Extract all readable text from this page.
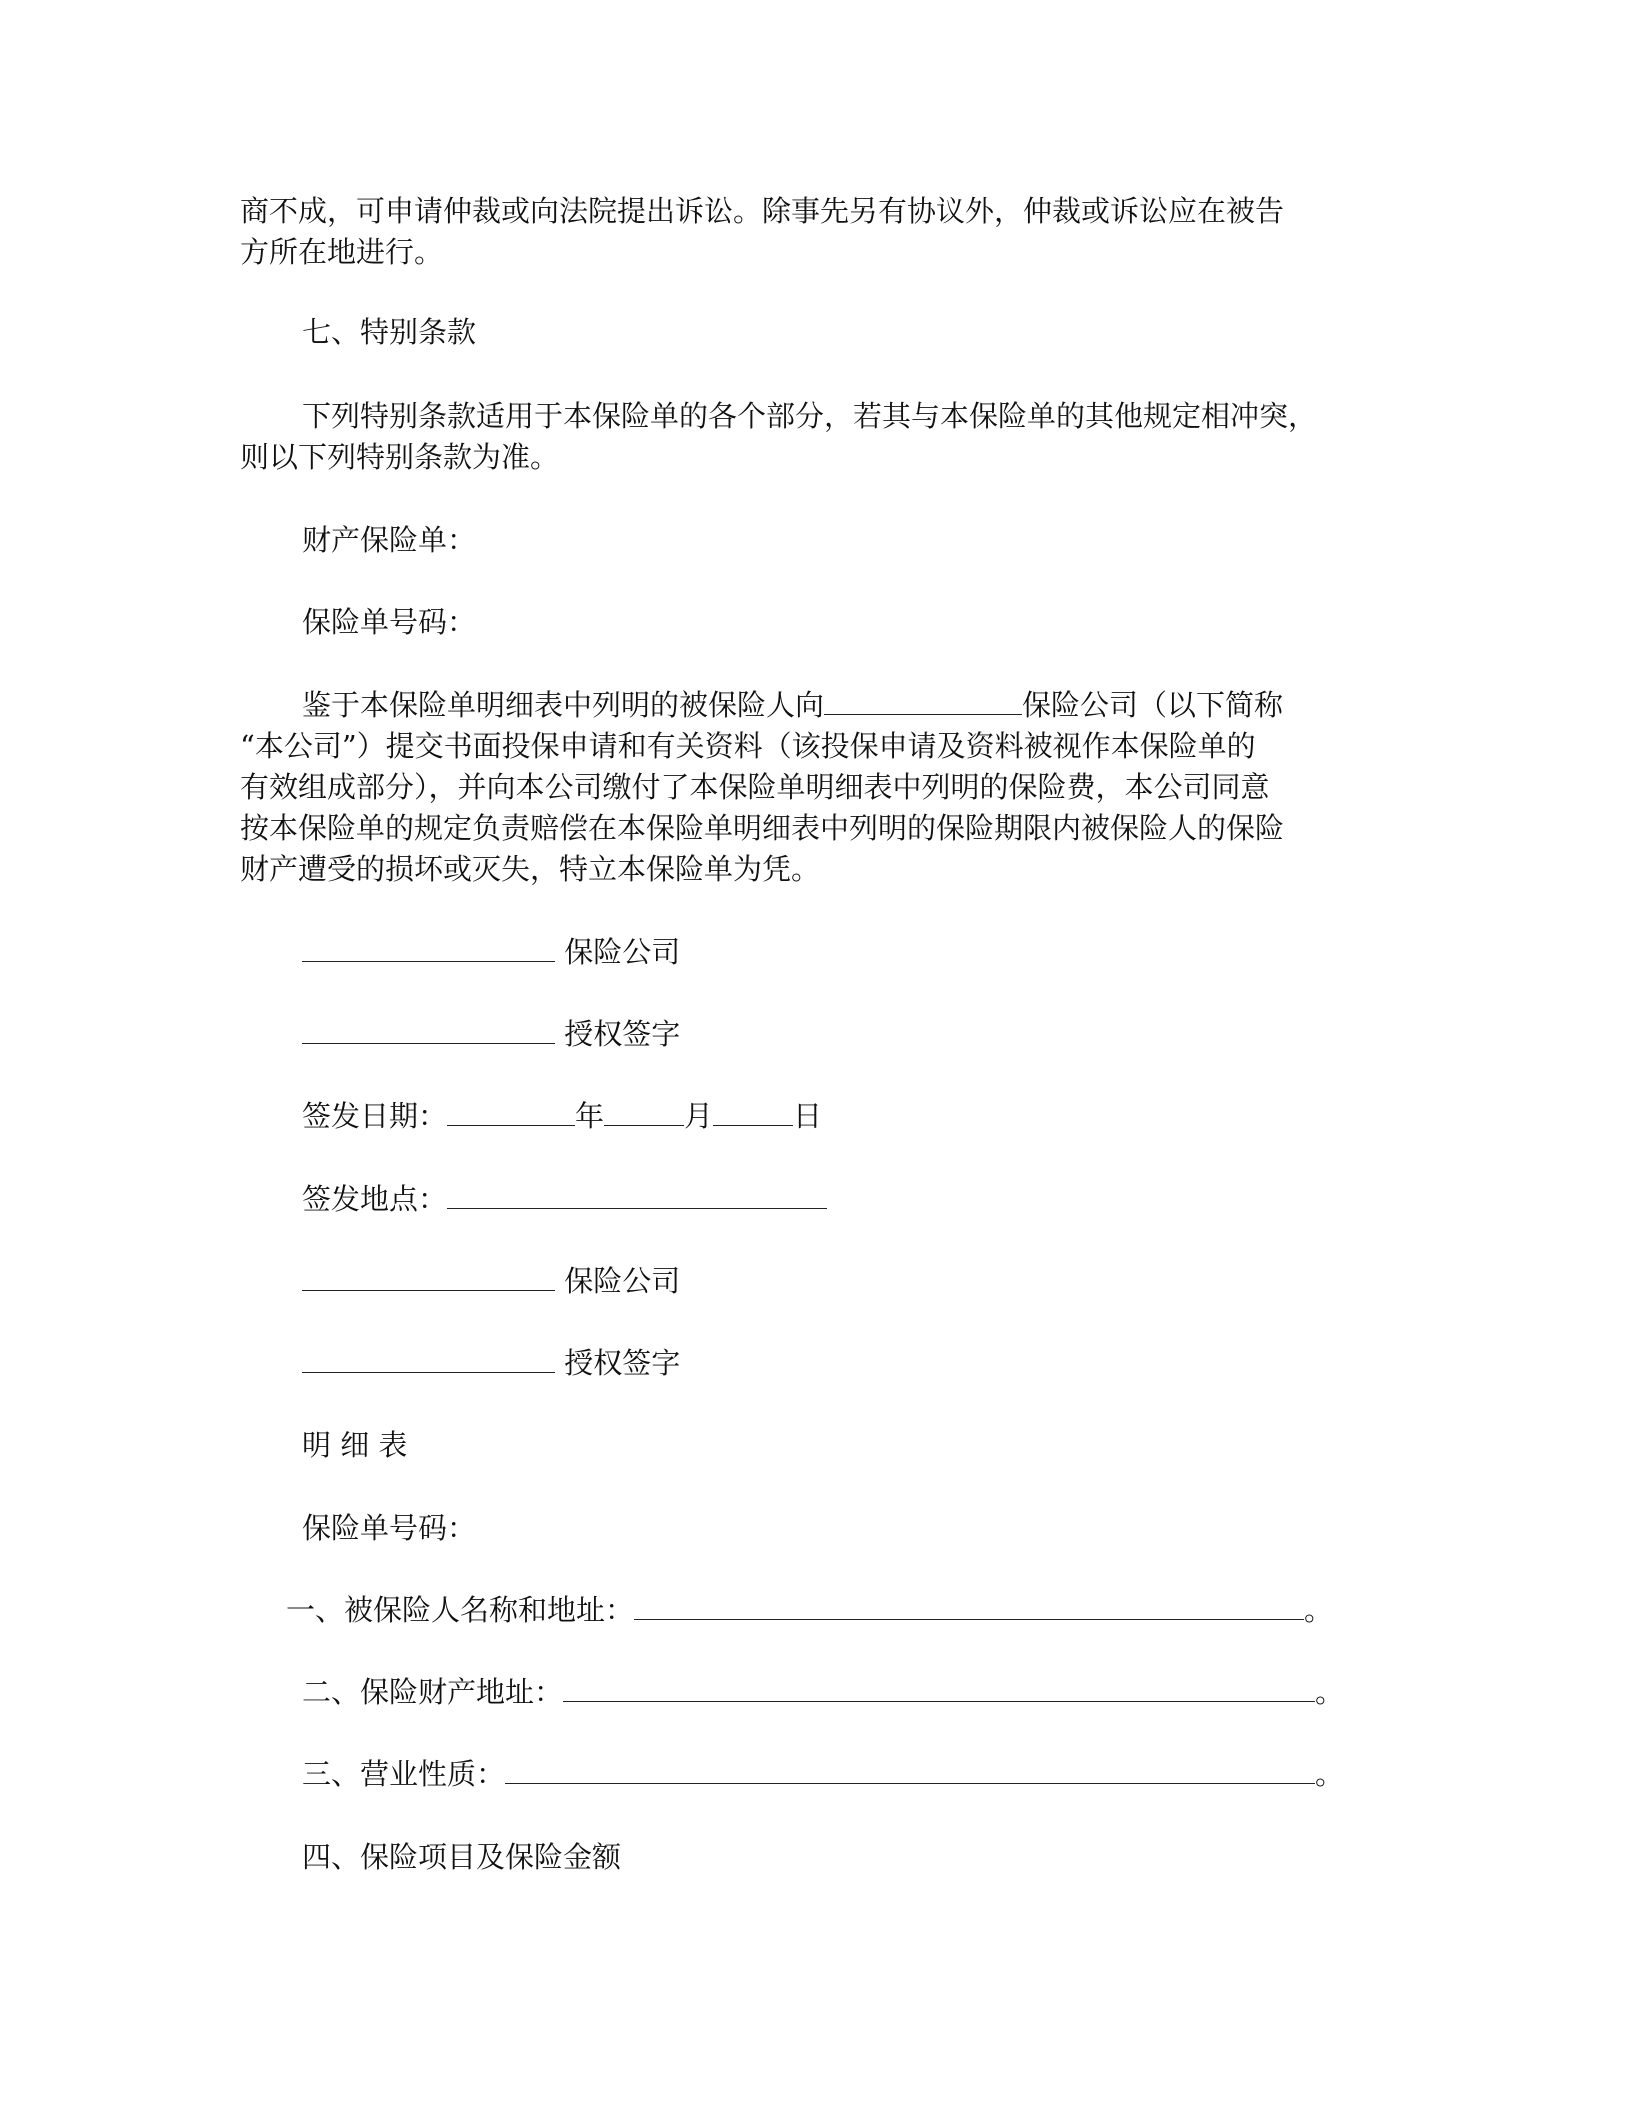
商不成，可申请仲裁或向法院提出诉讼。除事先另有协议外，仲裁或诉讼应在被告
方所在地进行。
七、特别条款
下列特别条款适用于本保险单的各个部分，若其与本保险单的其他规定相冲突，
则以下列特别条款为准。
财产保险单：
保险单号码：
鉴于本保险单明细表中列明的被保险人向	保险公司（以下简称
“本公司”）提交书面投保申请和有关资料（该投保申请及资料被视作本保险单的
有效组成部分），并向本公司缴付了本保险单明细表中列明的保险费，本公司同意
按本保险单的规定负责赔偿在本保险单明细表中列明的保险期限内被保险人的保险
财产遭受的损坏或灭失，特立本保险单为凭。
保险公司
授权签字
签发日期：	年	月	日
签发地点：
保险公司
授权签字
明 细 表
保险单号码：
一、被保险人名称和地址：	。
二、保险财产地址：	。
三、营业性质：	。
四、保险项目及保险金额
